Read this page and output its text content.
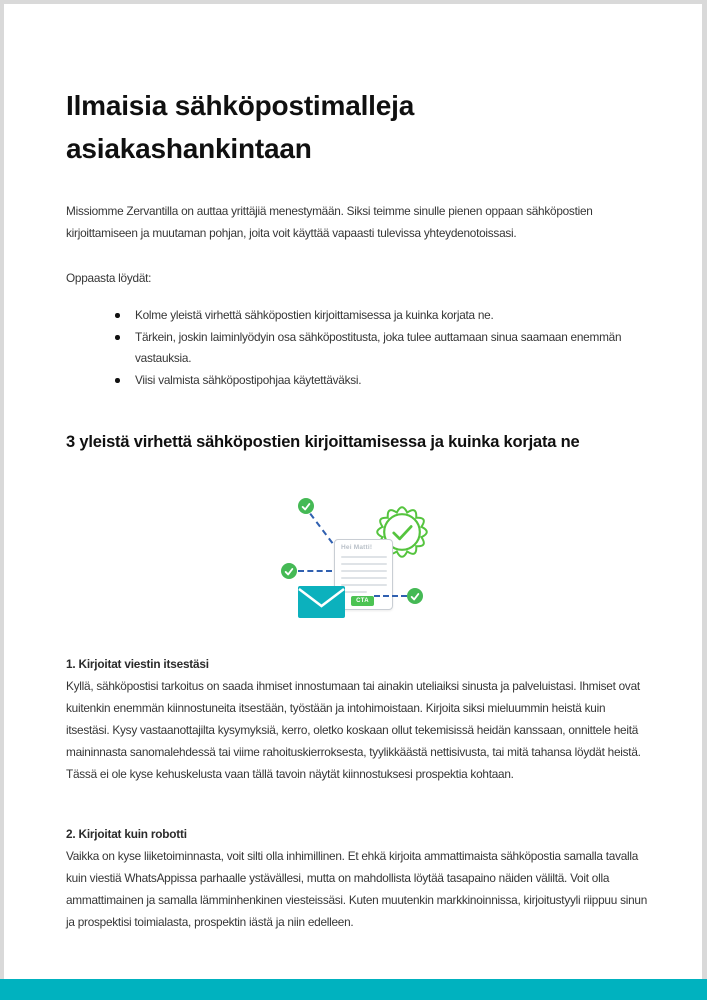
Ilmaisia sähköpostimalleja asiakashankintaan

Missiomme Zervantilla on auttaa yrittäjiä menestymään. Siksi teimme sinulle pienen oppaan sähköpostien kirjoittamiseen ja muutaman pohjan, joita voit käyttää vapaasti tulevissa yhteydenotoissasi.

Oppaasta löydät:

Kolme yleistä virhettä sähköpostien kirjoittamisessa ja kuinka korjata ne.
Tärkein, joskin laiminlyödyin osa sähköpostitusta, joka tulee auttamaan sinua saamaan enemmän vastauksia.
Viisi valmista sähköpostipohjaa käytettäväksi.
3 yleistä virhettä sähköpostien kirjoittamisessa ja kuinka korjata ne
Hei Matti!
CTA
1. Kirjoitat viestin itsestäsi

Kyllä, sähköpostisi tarkoitus on saada ihmiset innostumaan tai ainakin uteliaiksi sinusta ja palveluistasi. Ihmiset ovat kuitenkin enemmän kiinnostuneita itsestään, työstään ja intohimoistaan. Kirjoita siksi mieluummin heistä kuin itsestäsi. Kysy vastaanottajilta kysymyksiä, kerro, oletko koskaan ollut tekemisissä heidän kanssaan, onnittele heitä maininnasta sanomalehdessä tai viime rahoituskierroksesta, tyylikkäästä nettisivusta, tai mitä tahansa löydät heistä. Tässä ei ole kyse kehuskelusta vaan tällä tavoin näytät kiinnostuksesi prospektia kohtaan.

2. Kirjoitat kuin robotti

Vaikka on kyse liiketoiminnasta, voit silti olla inhimillinen. Et ehkä kirjoita ammattimaista sähköpostia samalla tavalla kuin viestiä WhatsAppissa parhaalle ystävällesi, mutta on mahdollista löytää tasapaino näiden väliltä. Voit olla ammattimainen ja samalla lämminhenkinen viesteissäsi. Kuten muutenkin markkinoinnissa, kirjoitustyyli riippuu sinun ja prospektisi toimialasta, prospektin iästä ja niin edelleen.
